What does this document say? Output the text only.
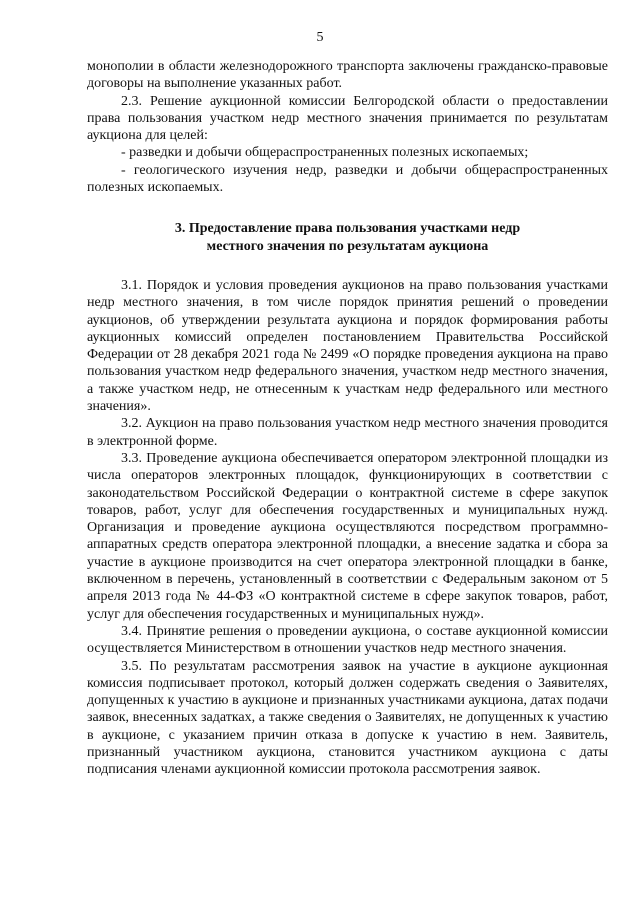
5

монополии в области железнодорожного транспорта заключены гражданско-правовые договоры на выполнение указанных работ.

2.3. Решение аукционной комиссии Белгородской области о предоставлении права пользования участком недр местного значения принимается по результатам аукциона для целей:

- разведки и добычи общераспространенных полезных ископаемых;

- геологического изучения недр, разведки и добычи общераспространенных полезных ископаемых.

3. Предоставление права пользования участками недр
местного значения по результатам аукциона

3.1. Порядок и условия проведения аукционов на право пользования участками недр местного значения, в том числе порядок принятия решений о проведении аукционов, об утверждении результата аукциона и порядок формирования работы аукционных комиссий определен постановлением Правительства Российской Федерации от 28 декабря 2021 года № 2499 «О порядке проведения аукциона на право пользования участком недр федерального значения, участком недр местного значения, а также участком недр, не отнесенным к участкам недр федерального или местного значения».

3.2. Аукцион на право пользования участком недр местного значения проводится в электронной форме.

3.3. Проведение аукциона обеспечивается оператором электронной площадки из числа операторов электронных площадок, функционирующих в соответствии с законодательством Российской Федерации о контрактной системе в сфере закупок товаров, работ, услуг для обеспечения государственных и муниципальных нужд. Организация и проведение аукциона осуществляются посредством программно-аппаратных средств оператора электронной площадки, а внесение задатка и сбора за участие в аукционе производится на счет оператора электронной площадки в банке, включенном в перечень, установленный в соответствии с Федеральным законом от 5 апреля 2013 года № 44-ФЗ «О контрактной системе в сфере закупок товаров, работ, услуг для обеспечения государственных и муниципальных нужд».

3.4. Принятие решения о проведении аукциона, о составе аукционной комиссии осуществляется Министерством в отношении участков недр местного значения.

3.5. По результатам рассмотрения заявок на участие в аукционе аукционная комиссия подписывает протокол, который должен содержать сведения о Заявителях, допущенных к участию в аукционе и признанных участниками аукциона, датах подачи заявок, внесенных задатках, а также сведения о Заявителях, не допущенных к участию в аукционе, с указанием причин отказа в допуске к участию в нем. Заявитель, признанный участником аукциона, становится участником аукциона с даты подписания членами аукционной комиссии протокола рассмотрения заявок.
